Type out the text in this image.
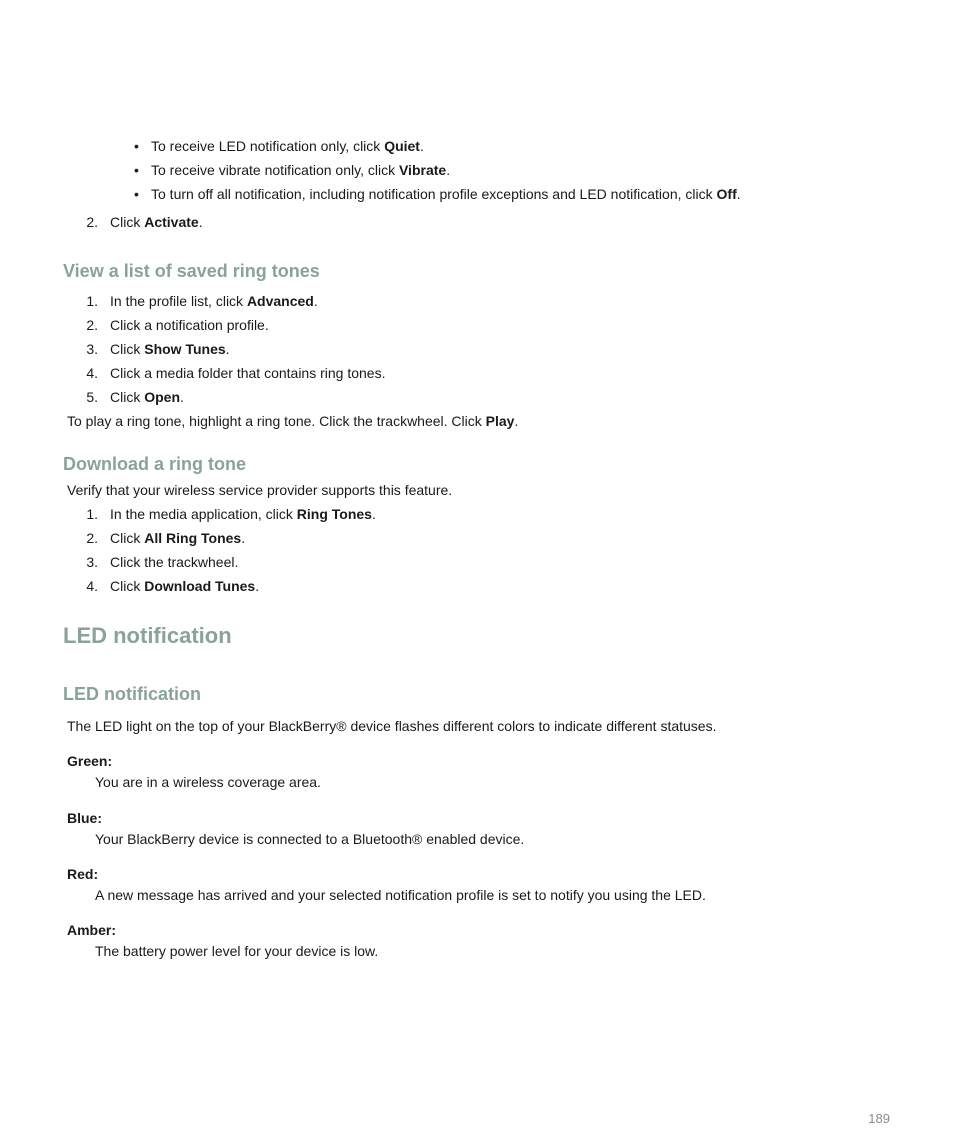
• To receive LED notification only, click Quiet.
• To receive vibrate notification only, click Vibrate.
• To turn off all notification, including notification profile exceptions and LED notification, click Off.
2. Click Activate.
View a list of saved ring tones
1. In the profile list, click Advanced.
2. Click a notification profile.
3. Click Show Tunes.
4. Click a media folder that contains ring tones.
5. Click Open.
To play a ring tone, highlight a ring tone. Click the trackwheel. Click Play.
Download a ring tone
Verify that your wireless service provider supports this feature.
1. In the media application, click Ring Tones.
2. Click All Ring Tones.
3. Click the trackwheel.
4. Click Download Tunes.
LED notification
LED notification
The LED light on the top of your BlackBerry® device flashes different colors to indicate different statuses.
Green:
You are in a wireless coverage area.
Blue:
Your BlackBerry device is connected to a Bluetooth® enabled device.
Red:
A new message has arrived and your selected notification profile is set to notify you using the LED.
Amber:
The battery power level for your device is low.
189
